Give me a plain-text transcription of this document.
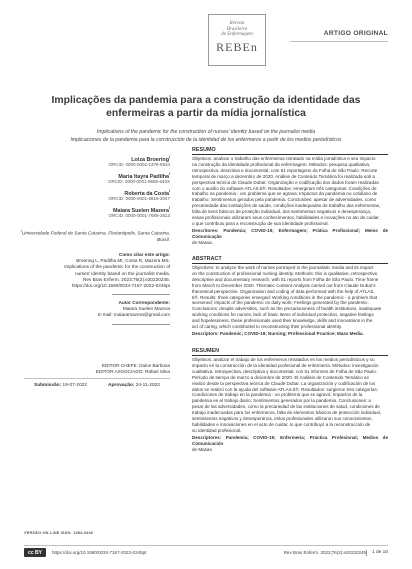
Revista
Brasileira
de Enfermagem
REBEn
ARTIGO ORIGINAL
Implicações da pandemia para a construção da identidade das enfermeiras a partir da mídia jornalística
Implications of the pandemic for the construction of nurses' identity based on the journalist media
Implicaciones de la pandemia para la construcción de la identidad de los enfermeros a partir de los medios periodísticos
Loiza Broering$^I$
ORCID: 0000-0002-1376-5534
Maria Itayra Padilha$^I$
ORCID: 0000-0001-9695-640X
Roberta da Costa$^I$
ORCID: 0000-0001-6816-2047
Maiara Suelen Mazera$^I$
ORCID: 0000-0001-7689-2613
$^I$Universidade Federal de Santa Catarina. Florianópolis, Santa Catarina, Brasil.
Como citar este artigo:
Broering L, Padilha MI, Costa R, Mazera MS.
Implications of the pandemic for the construction of
nurses' identity based on the journalist media.
Rev Bras Enferm. 2023;76(2):e20220245.
https://doi.org/10.1590/0034-7167-2022-0245pt
Autor Correspondente:
Maiara Suelen Mazera
E-mail: maiaramazera@gmail.com
EDITOR CHEFE: Dulce Barbosa
EDITOR ASSOCIADO: Rafael Silva
Submissão: 19-07-2022	Aprovação: 24-11-2022
RESUMO
Objetivos: analisar o trabalho das enfermeiras retratado na mídia jornalística e seu impacto
na construção da identidade profissional da enfermagem. Métodos: pesquisa qualitativa,
retrospectiva, descritiva e documental, com 51 reportagens da Folha de São Paulo. Recorte
temporal de março a dezembro de 2020. Análise de Conteúdo Temática foi realizada sob a
perspectiva teórica de Claude Dubar. Organização e codificação dos dados foram realizadas
com o auxílio do software ATLAS.ti®. Resultados: emergiram três categorias: Condições de
trabalho na pandemia - um problema que se agrava; Impactos da pandemia no cotidiano de
trabalho; Sentimentos gerados pela pandemia. Conclusões: apesar de adversidades, como
precariedade das instituições de saúde, condições inadequadas de trabalho das enfermeiras,
falta de itens básicos de proteção individual, dos sentimentos negativos e desesperança,
essas profissionais utilizaram seus conhecimentos, habilidades e inovações no ato de cuidar,
o que contribuiu para a reconstrução de sua identidade profissional.
Descritores: Pandemia; COVID-19; Enfermagem; Prática Profissional; Meios de Comunicação
de Massa.
ABSTRACT
Objectives: to analyze the work of nurses portrayed in the journalistic media and its impact
on the construction of professional nursing identity. Methods: this is qualitative, retrospective,
descriptive and documentary research, with 51 reports from Folha de São Paulo. Time frame
from March to December 2020. Thematic Content Analysis carried out from Claude Dubar's
theoretical perspective. Organization and coding of data performed with the help of ATLAS.
ti®. Results: three categories emerged: Working conditions in the pandemic - a problem that
worsened; Impacts of the pandemic on daily work; Feelings generated by the pandemic.
Conclusions: despite adversities, such as the precariousness of health institutions, inadequate
working conditions for nurses, lack of basic items of individual protection, negative feelings
and hopelessness, these professionals used their knowledge, skills and innovations in the
act of caring, which contributed to reconstructing their professional identity.
Descriptors: Pandemic; COVID-19; Nursing; Professional Practice; Mass Media.
RESUMEN
Objetivos: analizar el trabajo de los enfermeros retratados en los medios periodísticos y su
impacto en la construcción de la identidad profesional de enfermería. Métodos: investigación
cualitativa, retrospectiva, descriptiva y documental, con 51 informes de Folha de São Paulo.
Período de tiempo de marzo a diciembre de 2020. El Análisis de Contenido Temático se
realizó desde la perspectiva teórica de Claude Dubar. La organización y codificación de los
datos se realizó con la ayuda del software ATLAS.ti®. Resultados: surgieron tres categorías:
Condiciones de trabajo en la pandemia - un problema que se agravó; Impactos de la
pandemia en el trabajo diario; Sentimientos generados por la pandemia. Conclusiones: a
pesar de las adversidades, como la precariedad de las instituciones de salud, condiciones de
trabajo inadecuadas para los enfermeros, falta de elementos básicos de protección individual,
sentimientos negativos y desesperanza, estos profesionales utilizaron sus conocimientos,
habilidades e innovaciones en el acto de cuidar, lo que contribuyó a la reconstrucción de
su identidad profesional.
Descriptores: Pandemia; COVID-19; Enfermería; Práctica Profesional; Medios de Comunicación
de Masas.
VERSÃO ON-LINE ISSN: 1984-0446
cc BY	https://doi.org/10.1590/0034-7167-2022-0245pt	Rev Bras Enferm. 2023;76(2):e20220245 1 de 10
